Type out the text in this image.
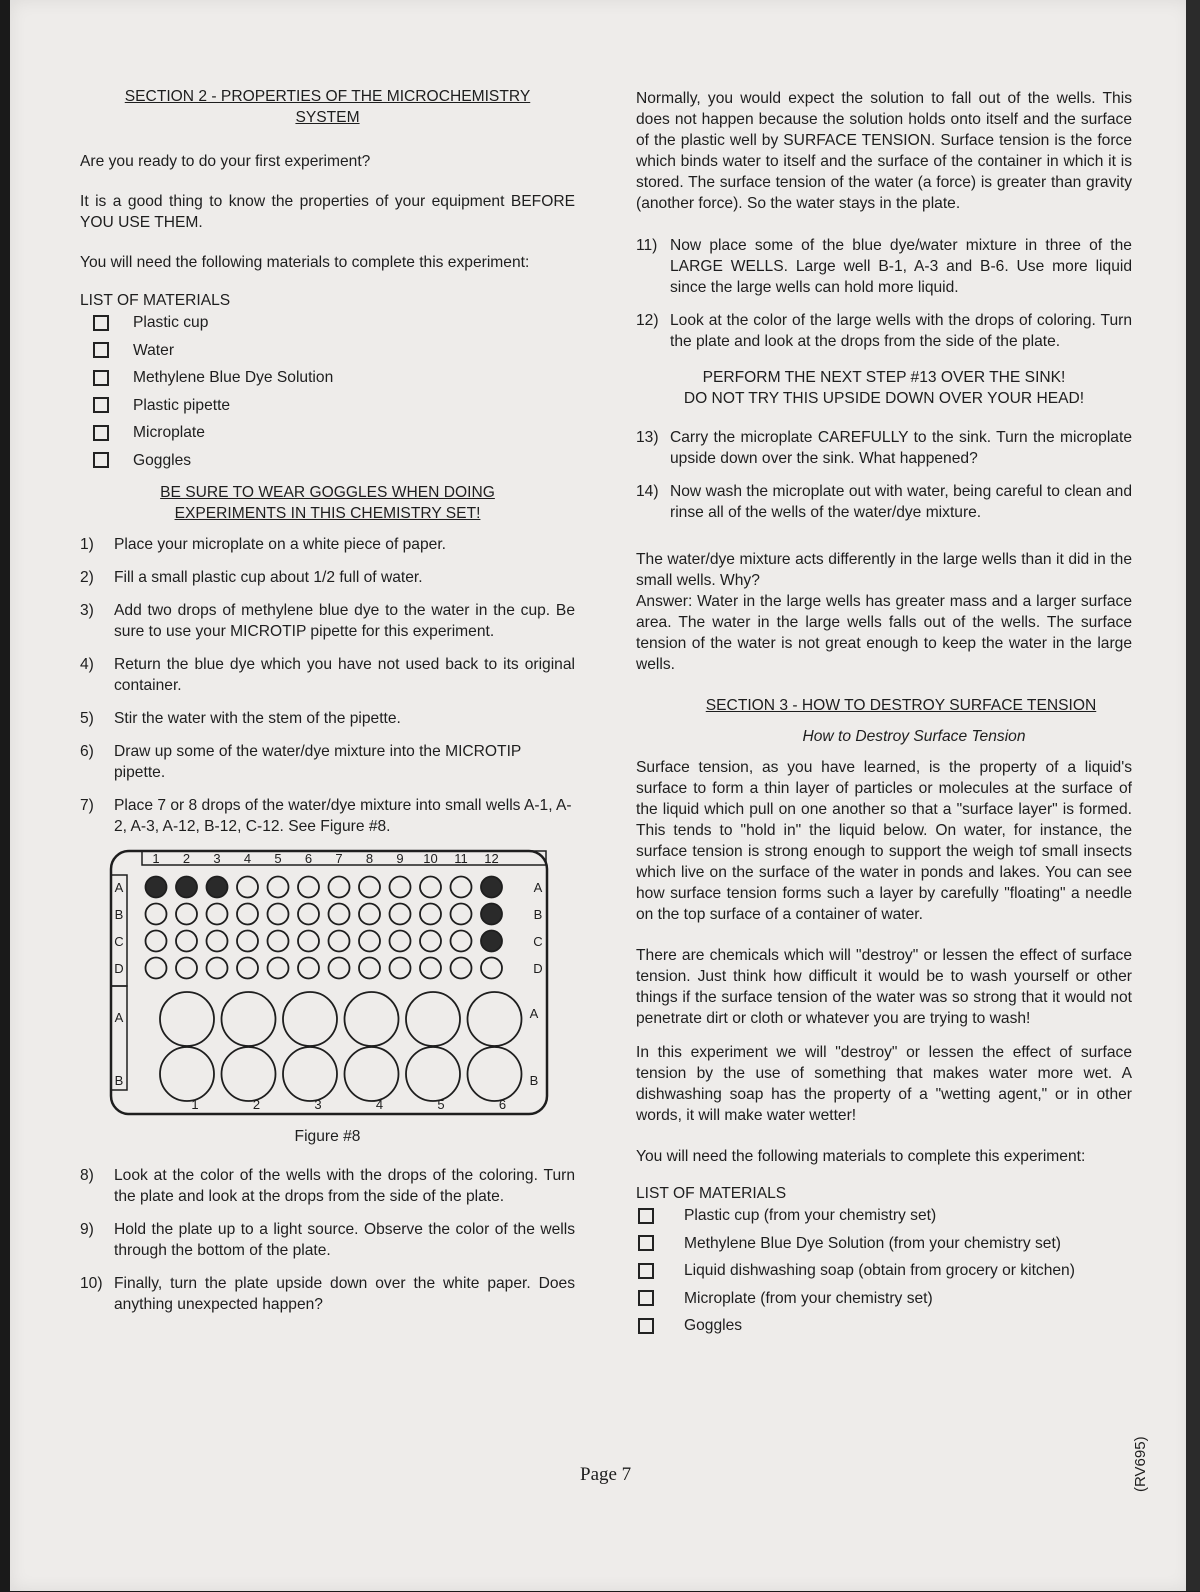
SECTION 2 - PROPERTIES OF THE MICROCHEMISTRY
SYSTEM

Are you ready to do your first experiment?

It is a good thing to know the properties of your equipment BEFORE YOU USE THEM.

You will need the following materials to complete this experiment:

LIST OF MATERIALS

Plastic cup
Water
Methylene Blue Dye Solution
Plastic pipette
Microplate
Goggles

BE SURE TO WEAR GOGGLES WHEN DOING
EXPERIMENTS IN THIS CHEMISTRY SET!

1)	Place your microplate on a white piece of paper.
2)	Fill a small plastic cup about 1/2 full of water.
3)	Add two drops of methylene blue dye to the water in the cup. Be sure to use your MICROTIP pipette for this experiment.
4)	Return the blue dye which you have not used back to its original container.
5)	Stir the water with the stem of the pipette.
6)	Draw up some of the water/dye mixture into the MICROTIP pipette.
7)	Place 7 or 8 drops of the water/dye mixture into small wells A-1, A-2, A-3, A-12, B-12, C-12. See Figure #8.
1 2 3 4 5 6 7 8 9 10 11 12
A	A
B	B
C	C
D	D
A	A
B	B
1	2	3	4	5	6

Figure #8

8)	Look at the color of the wells with the drops of the coloring. Turn the plate and look at the drops from the side of the plate.
9)	Hold the plate up to a light source. Observe the color of the wells through the bottom of the plate.
10) Finally, turn the plate upside down over the white paper. Does anything unexpected happen?

Normally, you would expect the solution to fall out of the wells. This does not happen because the solution holds onto itself and the surface of the plastic well by SURFACE TENSION. Surface tension is the force which binds water to itself and the surface of the container in which it is stored. The surface tension of the water (a force) is greater than gravity (another force). So the water stays in the plate.

11) Now place some of the blue dye/water mixture in three of the LARGE WELLS. Large well B-1, A-3 and B-6. Use more liquid since the large wells can hold more liquid.
12) Look at the color of the large wells with the drops of coloring. Turn the plate and look at the drops from the side of the plate.

PERFORM THE NEXT STEP #13 OVER THE SINK!
DO NOT TRY THIS UPSIDE DOWN OVER YOUR HEAD!

13) Carry the microplate CAREFULLY to the sink. Turn the microplate upside down over the sink. What happened?
14) Now wash the microplate out with water, being careful to clean and rinse all of the wells of the water/dye mixture.

The water/dye mixture acts differently in the large wells than it did in the small wells. Why?

Answer: Water in the large wells has greater mass and a larger surface area. The water in the large wells falls out of the wells. The surface tension of the water is not great enough to keep the water in the large wells.

SECTION 3 - HOW TO DESTROY SURFACE TENSION

How to Destroy Surface Tension

Surface tension, as you have learned, is the property of a liquid's surface to form a thin layer of particles or molecules at the surface of the liquid which pull on one another so that a "surface layer" is formed. This tends to "hold in" the liquid below. On water, for instance, the surface tension is strong enough to support the weigh tof small insects which live on the surface of the water in ponds and lakes. You can see how surface tension forms such a layer by carefully "floating" a needle on the top surface of a container of water.

There are chemicals which will "destroy" or lessen the effect of surface tension. Just think how difficult it would be to wash yourself or other things if the surface tension of the water was so strong that it would not penetrate dirt or cloth or whatever you are trying to wash!

In this experiment we will "destroy" or lessen the effect of surface tension by the use of something that makes water more wet. A dishwashing soap has the property of a "wetting agent," or in other words, it will make water wetter!

You will need the following materials to complete this experiment:

LIST OF MATERIALS

Plastic cup (from your chemistry set)
Methylene Blue Dye Solution (from your chemistry set)
Liquid dishwashing soap (obtain from grocery or kitchen)
Microplate (from your chemistry set)
Goggles
Page 7	(RV695)
